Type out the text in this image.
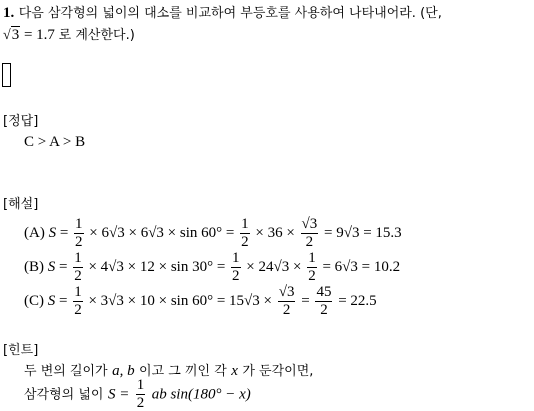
1. 다음 삼각형의 넓이의 대소를 비교하여 부등호를 사용하여 나타내어라. (단,
√3 = 1.7 로 계산한다.)
[정답]
C > A > B
[해설]
(A) $S = \frac{1}{2} \times 6√3 \times 6√3 \times \sin 60^\circ = \frac{1}{2} \times 36 \times \frac{√3}{2} = 9√3 = 15.3$
(B) $S = \frac{1}{2} \times 4√3 \times 12 \times \sin 30^\circ = \frac{1}{2} \times 24√3 \times \frac{1}{2} = 6√3 = 10.2$
(C) $S = \frac{1}{2} \times 3√3 \times 10 \times \sin 60^\circ = 15√3 \times \frac{√3}{2} = \frac{45}{2} = 22.5$
[힌트]
두 변의 길이가 a, b 이고 그 끼인 각 x 가 둔각이면,
삼각형의 넓이 $S = \frac{1}{2}$ ab sin(180° − x)
